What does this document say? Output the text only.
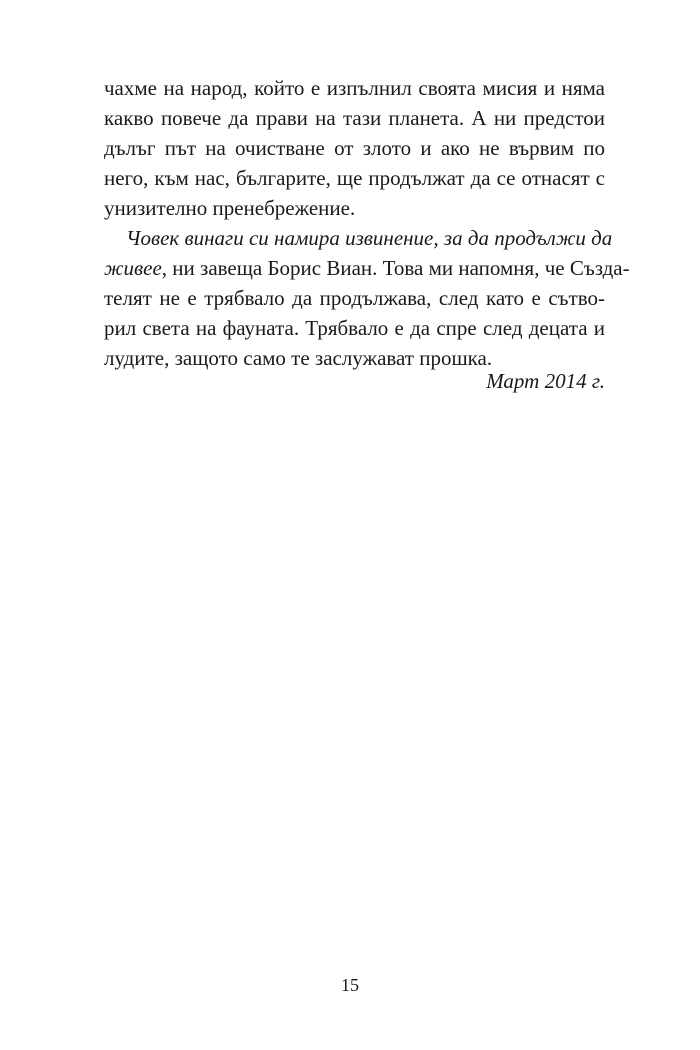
чахме на народ, който е изпълнил своята мисия и няма
какво повече да прави на тази планета. А ни предстои
дълъг път на очистване от злото и ако не вървим по
него, към нас, българите, ще продължат да се отнасят с
унизително пренебрежение.
Човек винаги си намира извинение, за да продължи да
живее, ни завеща Борис Виан. Това ми напомня, че Създа-
телят не е трябвало да продължава, след като е сътво-
рил света на фауната. Трябвало е да спре след децата и
лудите, защото само те заслужават прошка.
Март 2014 г.
15
